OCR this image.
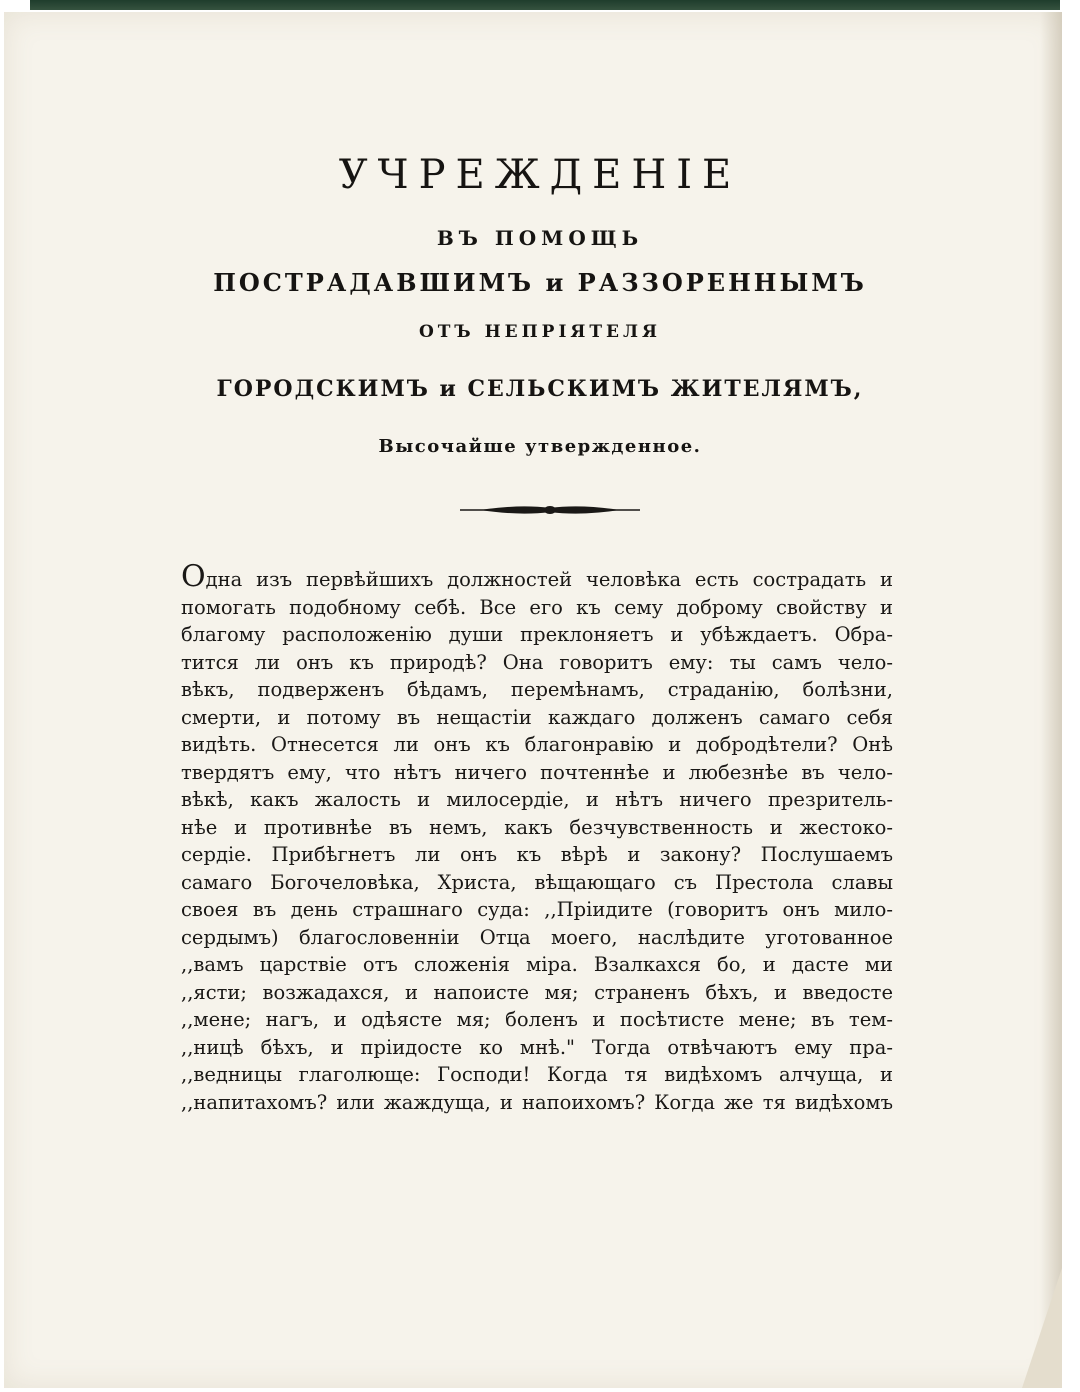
УЧРЕЖДЕНІЕ
ВЪ ПОМОЩЬ
ПОСТРАДАВШИМЪ и РАЗЗОРЕННЫМЪ
ОТЪ НЕПРІЯТЕЛЯ
ГОРОДСКИМЪ и СЕЛЬСКИМЪ ЖИТЕЛЯМЪ,
Высочайше утвержденное.
Одна изъ первѣйшихъ должностей человѣка есть сострадать и
помогать подобному себѣ. Все его къ сему доброму свойству и
благому расположенію души преклоняетъ и убѣждаетъ. Обра-
тится ли онъ къ природѣ? Она говоритъ ему: ты самъ чело-
вѣкъ, подверженъ бѣдамъ, перемѣнамъ, страданію, болѣзни,
смерти, и потому въ нещастіи каждаго долженъ самаго себя
видѣть. Отнесется ли онъ къ благонравію и добродѣтели? Онѣ
твердятъ ему, что нѣтъ ничего почтеннѣе и любезнѣе въ чело-
вѣкѣ, какъ жалость и милосердіе, и нѣтъ ничего презритель-
нѣе и противнѣе въ немъ, какъ безчувственность и жестоко-
сердіе. Прибѣгнетъ ли онъ къ вѣрѣ и закону? Послушаемъ
самаго Богочеловѣка, Христа, вѣщающаго съ Престола славы
своея въ день страшнаго суда: ,,Пріидите (говоритъ онъ мило-
сердымъ) благословенніи Отца моего, наслѣдите уготованное
,,вамъ царствіе отъ сложенія міра. Взалкахся бо, и дасте ми
,,ясти; возжадахся, и напоисте мя; страненъ бѣхъ, и введосте
,,мене; нагъ, и одѣясте мя; боленъ и посѣтисте мене; въ тем-
,,ницѣ бѣхъ, и пріидосте ко мнѣ." Тогда отвѣчаютъ ему пра-
,,ведницы глаголюще: Господи! Когда тя видѣхомъ алчуща, и
,,напитахомъ? или жаждуща, и напоихомъ? Когда же тя видѣхомъ
